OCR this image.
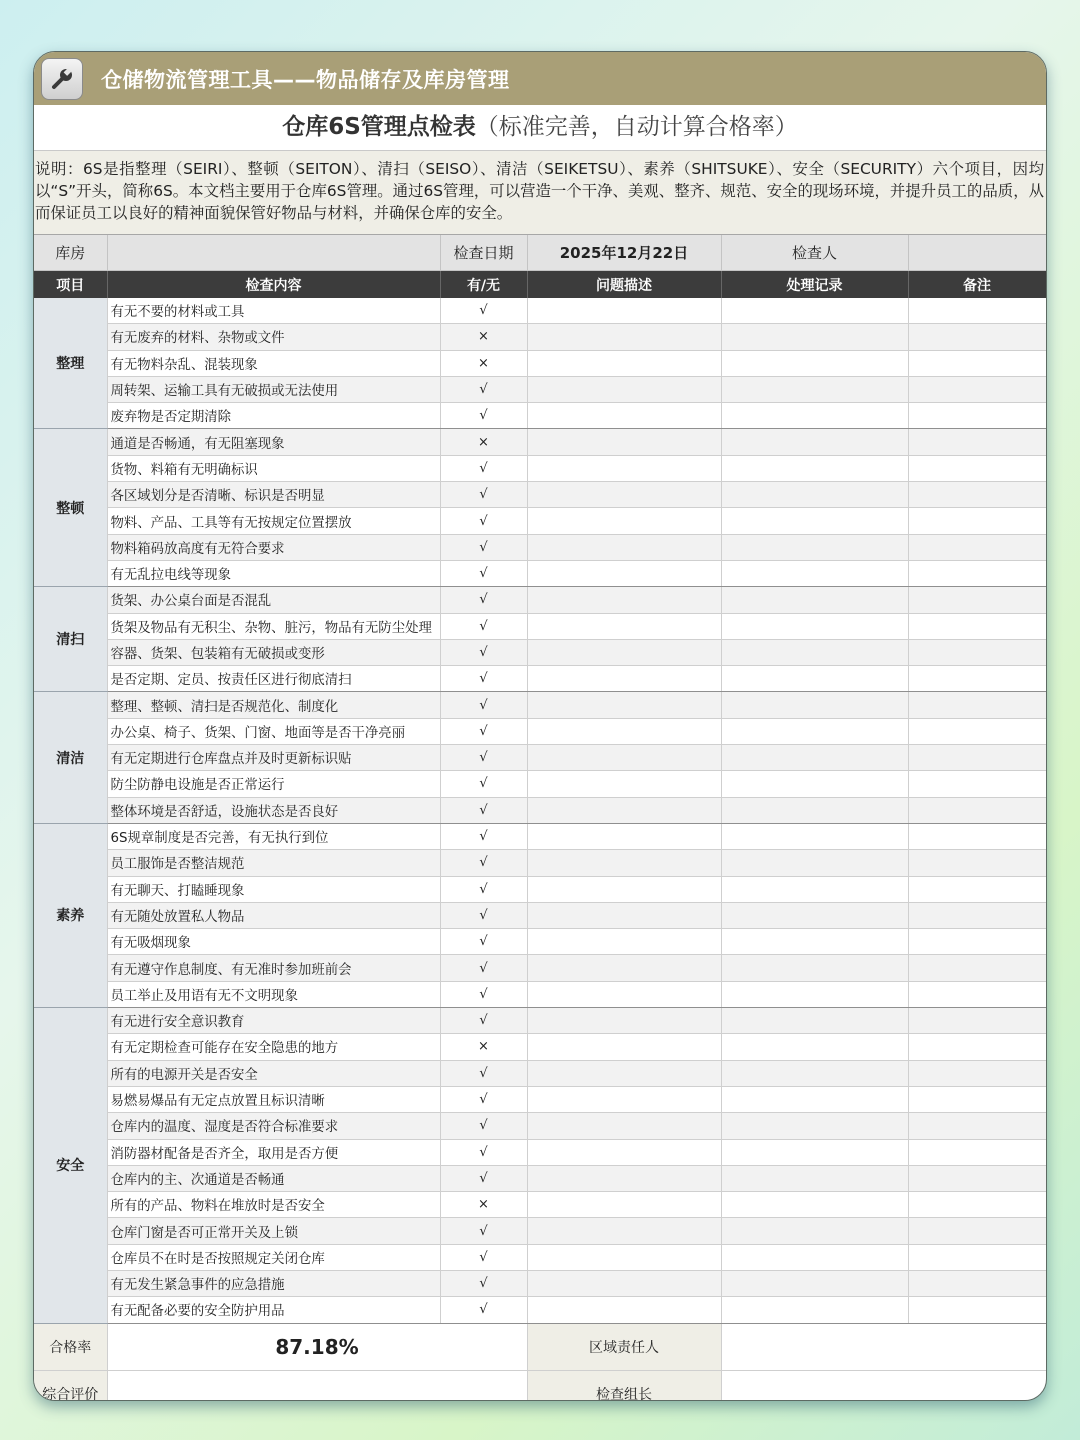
仓储物流管理工具——物品储存及库房管理
仓库6S管理点检表（标准完善，自动计算合格率）
说明：6S是指整理（SEIRI）、整顿（SEITON）、清扫（SEISO）、清洁（SEIKETSU）、素养（SHITSUKE）、安全（SECURITY）六个项目，因均以“S”开头，简称6S。本文档主要用于仓库6S管理。通过6S管理，可以营造一个干净、美观、整齐、规范、安全的现场环境，并提升员工的品质，从而保证员工以良好的精神面貌保管好物品与材料，并确保仓库的安全。
库房		检查日期	2025年12月22日	检查人	
项目	检查内容	有/无	问题描述	处理记录	备注
整理	有无不要的材料或工具	√			
	有无废弃的材料、杂物或文件	×			
	有无物料杂乱、混装现象	×			
	周转架、运输工具有无破损或无法使用	√			
	废弃物是否定期清除	√			
整顿	通道是否畅通，有无阻塞现象	×			
	货物、料箱有无明确标识	√			
	各区域划分是否清晰、标识是否明显	√			
	物料、产品、工具等有无按规定位置摆放	√			
	物料箱码放高度有无符合要求	√			
	有无乱拉电线等现象	√			
清扫	货架、办公桌台面是否混乱	√			
	货架及物品有无积尘、杂物、脏污，物品有无防尘处理	√			
	容器、货架、包装箱有无破损或变形	√			
	是否定期、定员、按责任区进行彻底清扫	√			
清洁	整理、整顿、清扫是否规范化、制度化	√			
	办公桌、椅子、货架、门窗、地面等是否干净亮丽	√			
	有无定期进行仓库盘点并及时更新标识贴	√			
	防尘防静电设施是否正常运行	√			
	整体环境是否舒适，设施状态是否良好	√			
素养	6S规章制度是否完善，有无执行到位	√			
	员工服饰是否整洁规范	√			
	有无聊天、打瞌睡现象	√			
	有无随处放置私人物品	√			
	有无吸烟现象	√			
	有无遵守作息制度、有无准时参加班前会	√			
	员工举止及用语有无不文明现象	√			
安全	有无进行安全意识教育	√			
	有无定期检查可能存在安全隐患的地方	×			
	所有的电源开关是否安全	√			
	易燃易爆品有无定点放置且标识清晰	√			
	仓库内的温度、湿度是否符合标准要求	√			
	消防器材配备是否齐全，取用是否方便	√			
	仓库内的主、次通道是否畅通	√			
	所有的产品、物料在堆放时是否安全	×			
	仓库门窗是否可正常开关及上锁	√			
	仓库员不在时是否按照规定关闭仓库	√			
	有无发生紧急事件的应急措施	√			
	有无配备必要的安全防护用品	√			
合格率	87.18%		区域责任人		
综合评价			检查组长		
